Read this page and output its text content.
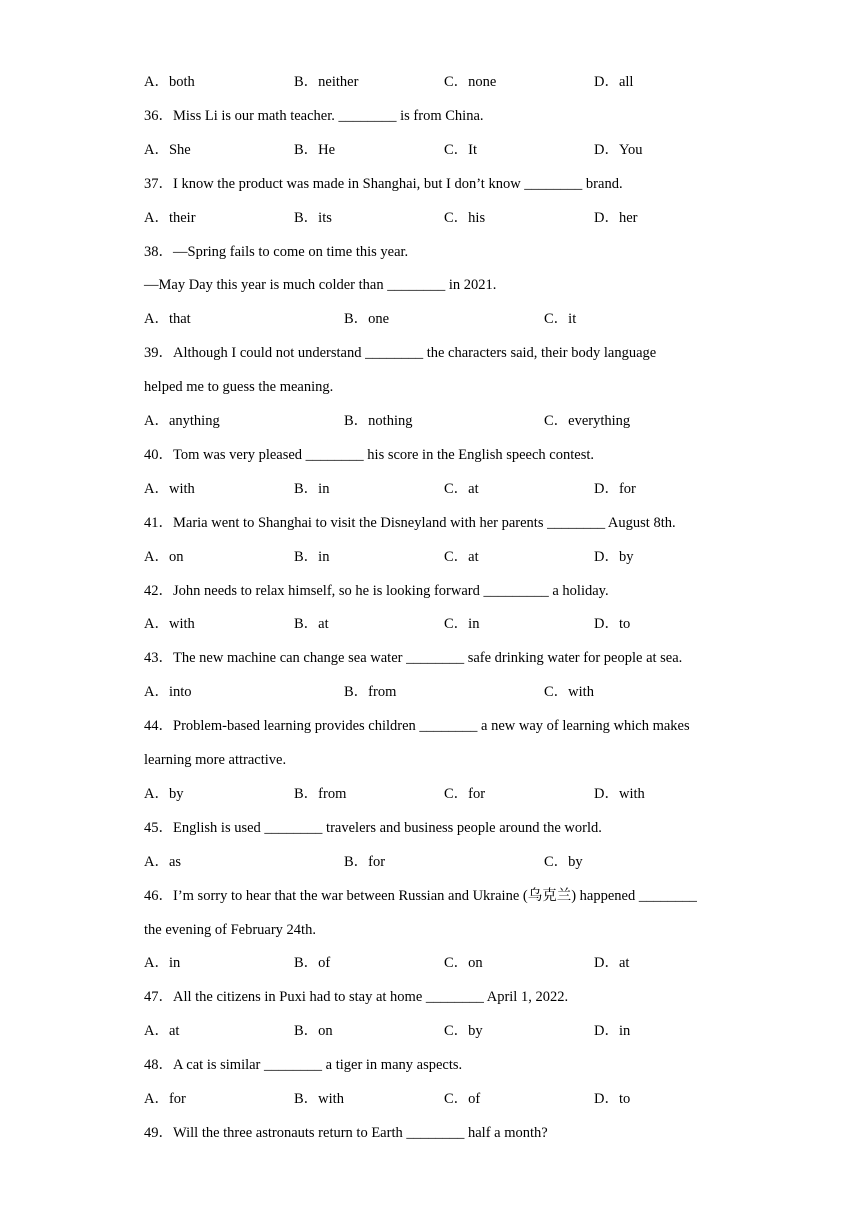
A．both	B．neither	C．none	D．all
36．Miss Li is our math teacher. ________ is from China.
A．She	B．He	C．It	D．You
37．I know the product was made in Shanghai, but I don’t know ________ brand.
A．their	B．its	C．his	D．her
38．—Spring fails to come on time this year.
—May Day this year is much colder than ________ in 2021.
A．that	B．one	C．it
39．Although I could not understand ________ the characters said, their body language
helped me to guess the meaning.
A．anything	B．nothing	C．everything
40．Tom was very pleased ________ his score in the English speech contest.
A．with	B．in	C．at	D．for
41．Maria went to Shanghai to visit the Disneyland with her parents ________ August 8th.
A．on	B．in	C．at	D．by
42．John needs to relax himself, so he is looking forward _________ a holiday.
A．with	B．at	C．in	D．to
43．The new machine can change sea water ________ safe drinking water for people at sea.
A．into	B．from	C．with
44．Problem-based learning provides children ________ a new way of learning which makes
learning more attractive.
A．by	B．from	C．for	D．with
45．English is used ________ travelers and business people around the world.
A．as	B．for	C．by
46．I’m sorry to hear that the war between Russian and Ukraine (乌克兰) happened ________
the evening of February 24th.
A．in	B．of	C．on	D．at
47．All the citizens in Puxi had to stay at home ________ April 1, 2022.
A．at	B．on	C．by	D．in
48．A cat is similar ________ a tiger in many aspects.
A．for	B．with	C．of	D．to
49．Will the three astronauts return to Earth ________ half a month?
